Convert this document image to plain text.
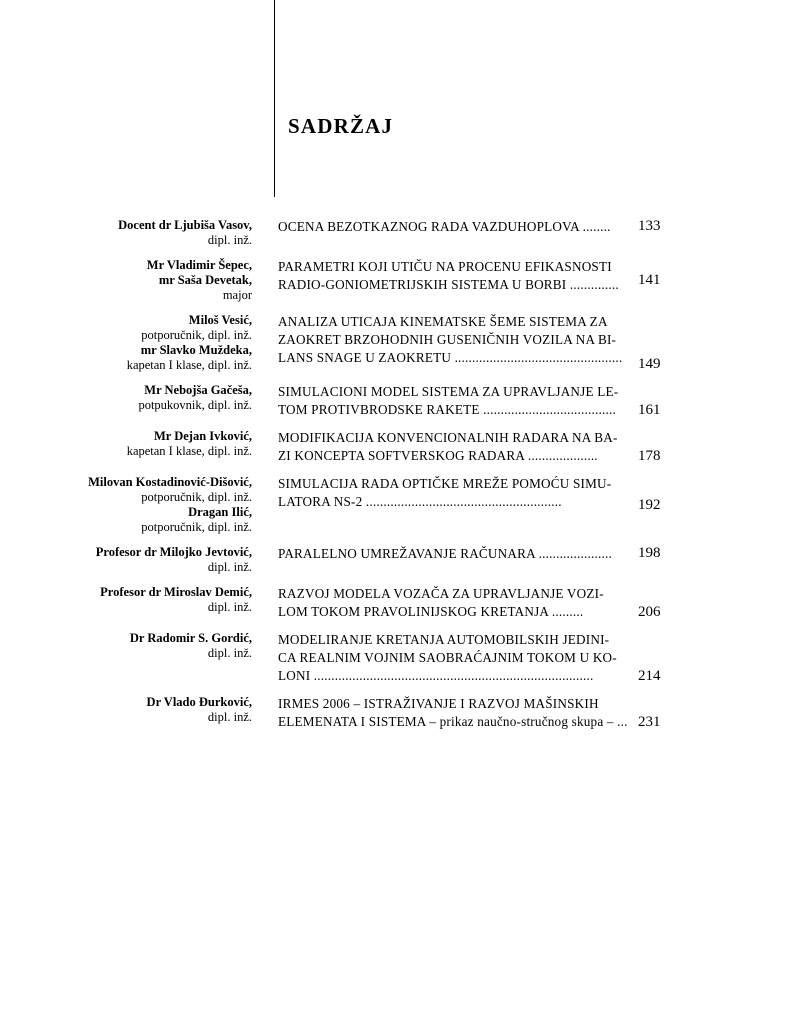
SADRŽAJ
Docent dr Ljubiša Vasov,
dipl. inž.
OCENA BEZOTKAZNOG RADA VAZDUHOPLOVA ........	133
Mr Vladimir Šepec,
mr Saša Devetak,
major
PARAMETRI KOJI UTIČU NA PROCENU EFIKASNOSTI
RADIO-GONIOMETRIJSKIH SISTEMA U BORBI ..............	141
Miloš Vesić,
potporučnik, dipl. inž.
mr Slavko Muždeka,
kapetan I klase, dipl. inž.
ANALIZA UTICAJA KINEMATSKE ŠEME SISTEMA ZA
ZAOKRET BRZOHODNIH GUSENIČNIH VOZILA NA BI-
LANS SNAGE U ZAOKRETU ................................................	149
Mr Nebojša Gačeša,
potpukovnik, dipl. inž.
SIMULACIONI MODEL SISTEMA ZA UPRAVLJANJE LE-
TOM PROTIVBRODSKE RAKETE ......................................	161
Mr Dejan Ivković,
kapetan I klase, dipl. inž.
MODIFIKACIJA KONVENCIONALNIH RADARA NA BA-
ZI KONCEPTA SOFTVERSKOG RADARA ....................	178
Milovan Kostadinović-Dišović,
potporučnik, dipl. inž.
Dragan Ilić,
potporučnik, dipl. inž.
SIMULACIJA RADA OPTIČKE MREŽE POMOĆU SIMU-
LATORA NS-2 ........................................................	192
Profesor dr Milojko Jevtović,
dipl. inž.
PARALELNO UMREŽAVANJE RAČUNARA .....................	198
Profesor dr Miroslav Demić,
dipl. inž.
RAZVOJ MODELA VOZAČA ZA UPRAVLJANJE VOZI-
LOM TOKOM PRAVOLINIJSKOG KRETANJA .........	206
Dr Radomir S. Gordić,
dipl. inž.
MODELIRANJE KRETANJA AUTOMOBILSKIH JEDINI-
CA REALNIM VOJNIM SAOBRAĆAJNIM TOKOM U KO-
LONI ................................................................................	214
Dr Vlado Đurković,
dipl. inž.
IRMES 2006 – ISTRAŽIVANJE I RAZVOJ MAŠINSKIH
ELEMENATA I SISTEMA – prikaz naučno-stručnog skupa – ... 231
